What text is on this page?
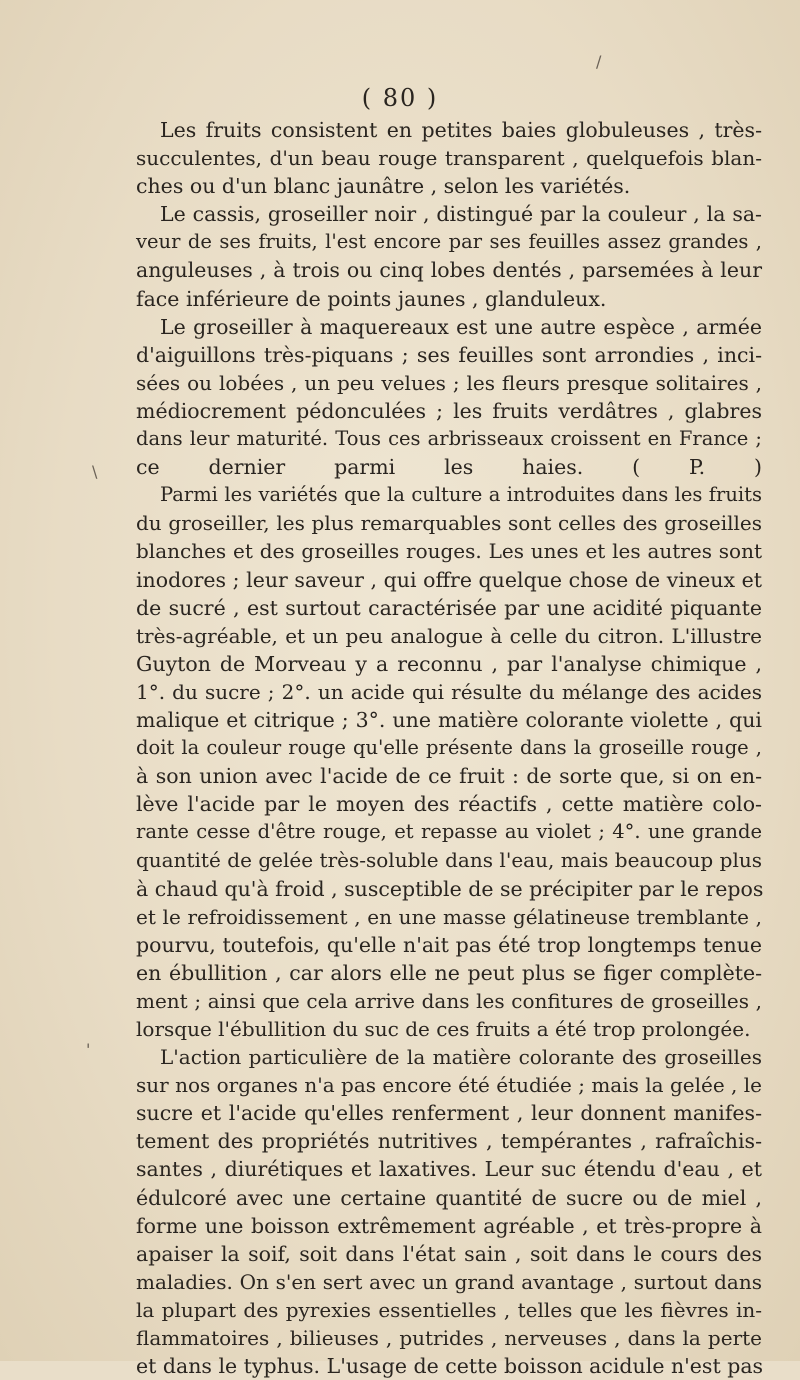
/
\
'
( 80 )
Les fruits consistent en petites baies globuleuses , très-
succulentes, d'un beau rouge transparent , quelquefois blan-
ches ou d'un blanc jaunâtre , selon les variétés.
Le cassis, groseiller noir , distingué par la couleur , la sa-
veur de ses fruits, l'est encore par ses feuilles assez grandes ,
anguleuses , à trois ou cinq lobes dentés , parsemées à leur
face inférieure de points jaunes , glanduleux.
Le groseiller à maquereaux est une autre espèce , armée
d'aiguillons très-piquans ; ses feuilles sont arrondies , inci-
sées ou lobées , un peu velues ; les fleurs presque solitaires ,
médiocrement pédonculées ; les fruits verdâtres , glabres
dans leur maturité. Tous ces arbrisseaux croissent en France ;
ce dernier parmi les haies. ( P. )
Parmi les variétés que la culture a introduites dans les fruits
du groseiller, les plus remarquables sont celles des groseilles
blanches et des groseilles rouges. Les unes et les autres sont
inodores ; leur saveur , qui offre quelque chose de vineux et
de sucré , est surtout caractérisée par une acidité piquante
très-agréable, et un peu analogue à celle du citron. L'illustre
Guyton de Morveau y a reconnu , par l'analyse chimique ,
1°. du sucre ; 2°. un acide qui résulte du mélange des acides
malique et citrique ; 3°. une matière colorante violette , qui
doit la couleur rouge qu'elle présente dans la groseille rouge ,
à son union avec l'acide de ce fruit : de sorte que, si on en-
lève l'acide par le moyen des réactifs , cette matière colo-
rante cesse d'être rouge, et repasse au violet ; 4°. une grande
quantité de gelée très-soluble dans l'eau, mais beaucoup plus
à chaud qu'à froid , susceptible de se précipiter par le repos
et le refroidissement , en une masse gélatineuse tremblante ,
pourvu, toutefois, qu'elle n'ait pas été trop longtemps tenue
en ébullition , car alors elle ne peut plus se figer complète-
ment ; ainsi que cela arrive dans les confitures de groseilles ,
lorsque l'ébullition du suc de ces fruits a été trop prolongée.
L'action particulière de la matière colorante des groseilles
sur nos organes n'a pas encore été étudiée ; mais la gelée , le
sucre et l'acide qu'elles renferment , leur donnent manifes-
tement des propriétés nutritives , tempérantes , rafraîchis-
santes , diurétiques et laxatives. Leur suc étendu d'eau , et
édulcoré avec une certaine quantité de sucre ou de miel ,
forme une boisson extrêmement agréable , et très-propre à
apaiser la soif, soit dans l'état sain , soit dans le cours des
maladies. On s'en sert avec un grand avantage , surtout dans
la plupart des pyrexies essentielles , telles que les fièvres in-
flammatoires , bilieuses , putrides , nerveuses , dans la perte
et dans le typhus. L'usage de cette boisson acidule n'est pas
